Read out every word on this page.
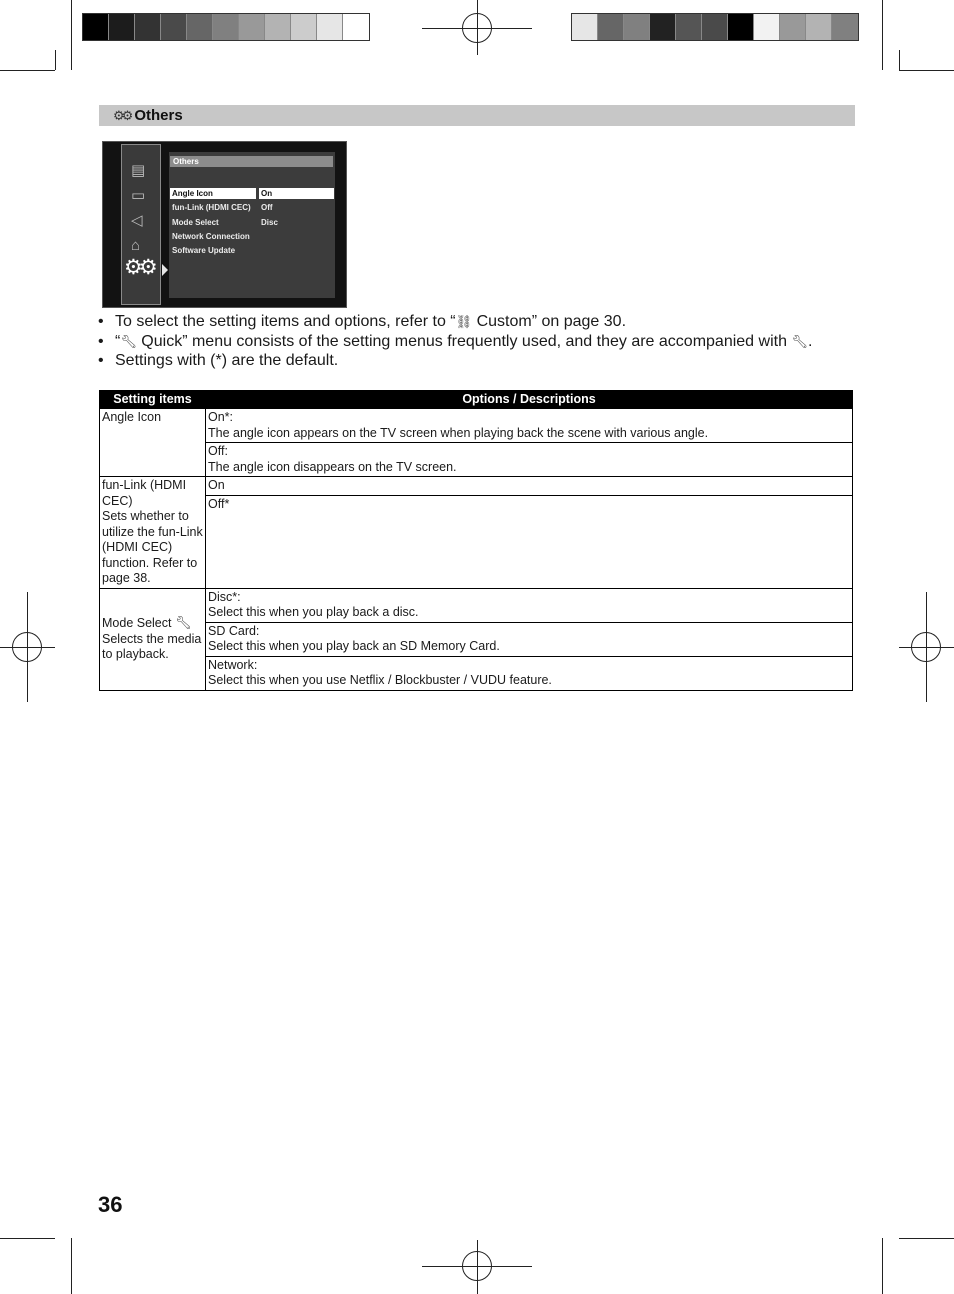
⚙⚙ Others
▤
▭
◁
⌂
⚙⚙
Others
Angle Icon	On
fun-Link (HDMI CEC)	Off
Mode Select	Disc
Network Connection
Software Update
• To select the setting items and options, refer to “⛓ Custom” on page 30.
• “🔧︎ Quick” menu consists of the setting menus frequently used, and they are accompanied with 🔧︎.
• Settings with (*) are the default.
Setting items	Options / Descriptions
Angle Icon	On*:
The angle icon appears on the TV screen when playing back the scene with various angle.

	Off:
The angle icon disappears on the TV screen.

fun-Link (HDMI CEC)
Sets whether to utilize the fun-Link (HDMI CEC) function. Refer to page 38.	On
	Off*
Mode Select 🔧︎
Selects the media to playback.	Disc*:
Select this when you play back a disc.

	SD Card:
Select this when you play back an SD Memory Card.

	Network:
Select this when you use Netflix / Blockbuster / VUDU feature.
36
